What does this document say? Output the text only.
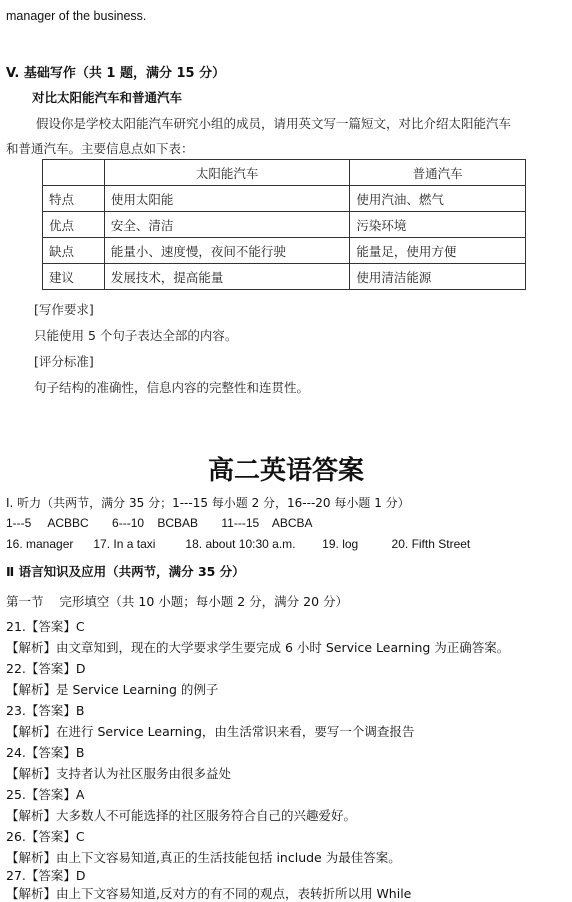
manager of the business.
V. 基础写作（共 1 题，满分 15 分）
对比太阳能汽车和普通汽车
假设你是学校太阳能汽车研究小组的成员，请用英文写一篇短文，对比介绍太阳能汽车
和普通汽车。主要信息点如下表：
	太阳能汽车	普通汽车
特点	使用太阳能	使用汽油、燃气
优点	安全、清洁	污染环境
缺点	能量小、速度慢，夜间不能行驶	能量足，使用方便
建议	发展技术，提高能量	使用清洁能源
[写作要求]
只能使用 5 个句子表达全部的内容。
[评分标准]
句子结构的准确性，信息内容的完整性和连贯性。
高二英语答案
I. 听力（共两节，满分 35 分；1---15 每小题 2 分，16---20 每小题 1 分）
1---5     ACBBC       6---10    BCBAB       11---15    ABCBA
16. manager      17. In a taxi         18. about 10:30 a.m.        19. log          20. Fifth Street
Ⅱ 语言知识及应用（共两节，满分 35 分）
第一节    完形填空（共 10 小题；每小题 2 分，满分 20 分）
21.【答案】C
【解析】由文章知到，现在的大学要求学生要完成 6 小时 Service Learning 为正确答案。
22.【答案】D
【解析】是 Service Learning 的例子
23.【答案】B
【解析】在进行 Service Learning，由生活常识来看，要写一个调查报告
24.【答案】B
【解析】支持者认为社区服务由很多益处
25.【答案】A
【解析】大多数人不可能选择的社区服务符合自己的兴趣爱好。
26.【答案】C
【解析】由上下文容易知道,真正的生活技能包括 include 为最佳答案。
27.【答案】D
【解析】由上下文容易知道,反对方的有不同的观点，表转折所以用 While
